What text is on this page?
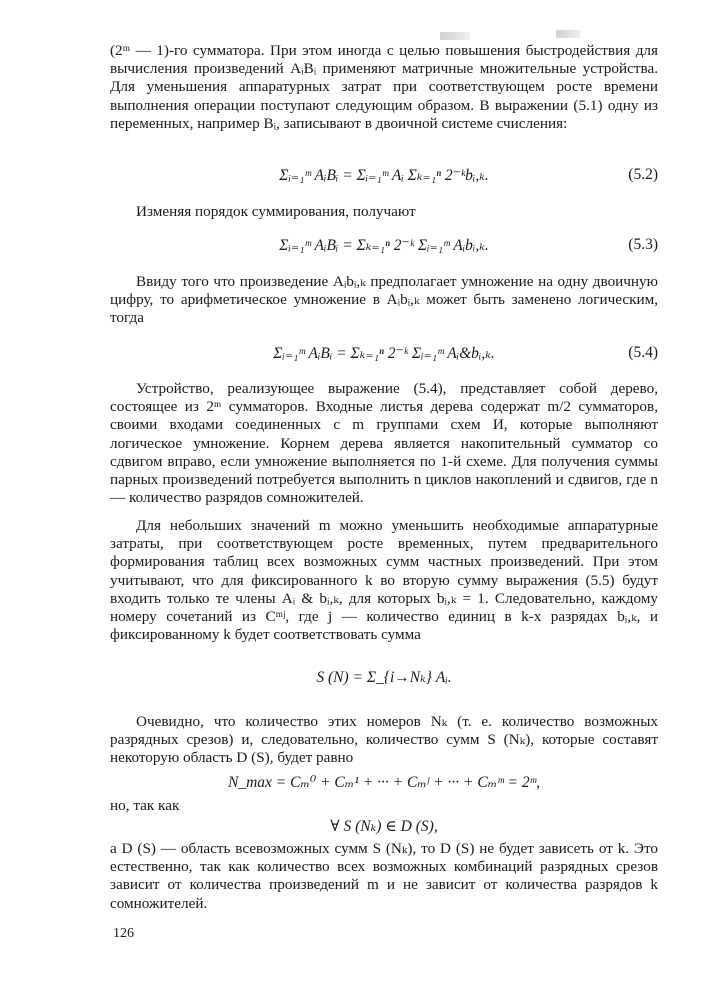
(2ᵐ — 1)-го сумматора. При этом иногда с целью повышения быстродействия для вычисления произведений AᵢBᵢ применяют матричные множительные устройства. Для уменьшения аппаратурных затрат при соответствующем росте времени выполнения операции поступают следующим образом. В выражении (5.1) одну из переменных, например Bᵢ, записывают в двоичной системе счисления:

Σᵢ₌₁ᵐ AᵢBᵢ = Σᵢ₌₁ᵐ Aᵢ Σₖ₌₁ⁿ 2⁻ᵏbᵢ,ₖ.	(5.2)

Изменяя порядок суммирования, получают

Σᵢ₌₁ᵐ AᵢBᵢ = Σₖ₌₁ⁿ 2⁻ᵏ Σᵢ₌₁ᵐ Aᵢbᵢ,ₖ.	(5.3)

Ввиду того что произведение Aᵢbᵢ,ₖ предполагает умножение на одну двоичную цифру, то арифметическое умножение в Aᵢbᵢ,ₖ может быть заменено логическим, тогда

Σᵢ₌₁ᵐ AᵢBᵢ = Σₖ₌₁ⁿ 2⁻ᵏ Σᵢ₌₁ᵐ Aᵢ&bᵢ,ₖ.	(5.4)

Устройство, реализующее выражение (5.4), представляет собой дерево, состоящее из 2ᵐ сумматоров. Входные листья дерева содержат m/2 сумматоров, своими входами соединенных с m группами схем И, которые выполняют логическое умножение. Корнем дерева является накопительный сумматор со сдвигом вправо, если умножение выполняется по 1-й схеме. Для получения суммы парных произведений потребуется выполнить n циклов накоплений и сдвигов, где n — количество разрядов сомножителей.

Для небольших значений m можно уменьшить необходимые аппаратурные затраты, при соответствующем росте временных, путем предварительного формирования таблиц всех возможных сумм частных произведений. При этом учитывают, что для фиксированного k во вторую сумму выражения (5.5) будут входить только те члены Aᵢ & bᵢ,ₖ, для которых bᵢ,ₖ = 1. Следовательно, каждому номеру сочетаний из Cᵐʲ, где j — количество единиц в k-х разрядах bᵢ,ₖ, и фиксированному k будет соответствовать сумма

S (N) = Σ_{i→Nₖ} Aᵢ.

Очевидно, что количество этих номеров Nₖ (т. е. количество возможных разрядных срезов) и, следовательно, количество сумм S (Nₖ), которые составят некоторую область D (S), будет равно

N_max = Cₘ⁰ + Cₘ¹ + ··· + Cₘʲ + ··· + Cₘᵐ = 2ᵐ,

но, так как

∀ S (Nₖ) ∈ D (S),

а D (S) — область всевозможных сумм S (Nₖ), то D (S) не будет зависеть от k. Это естественно, так как количество всех возможных комбинаций разрядных срезов зависит от количества произведений m и не зависит от количества разрядов k сомножителей.

126
